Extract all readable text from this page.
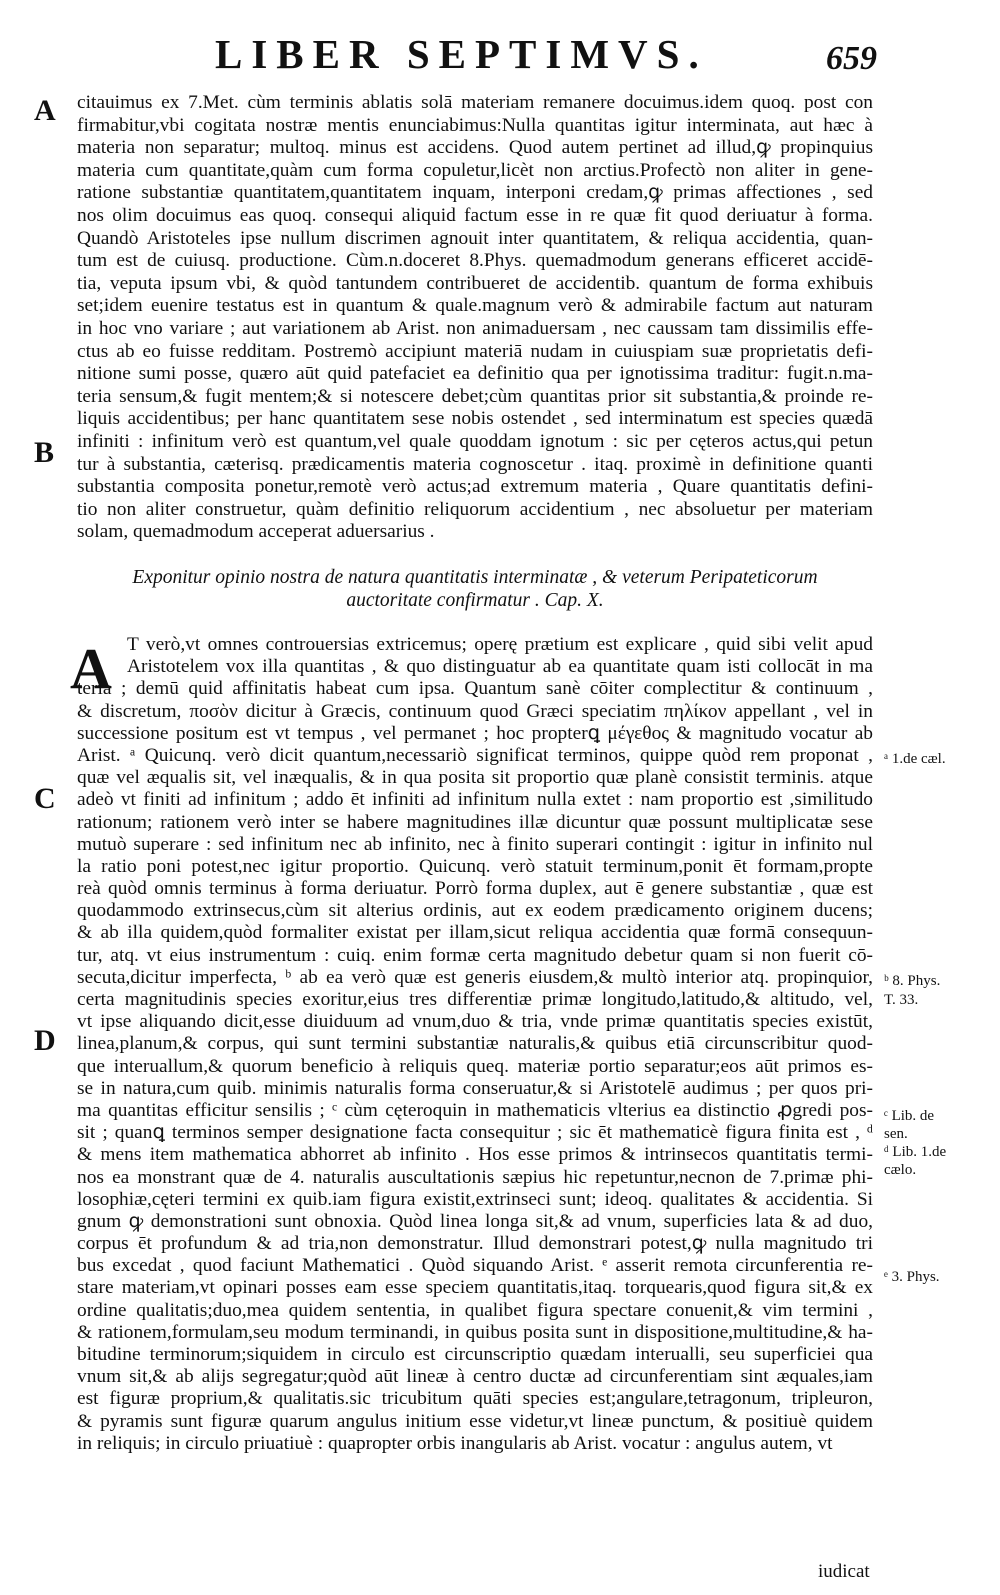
LIBER SEPTIMVS.	659
A
B
C
D
citauimus ex 7.Met. cùm terminis ablatis solā materiam remanere docuimus.idem quoq. post con
firmabitur,vbi cogitata nostræ mentis enunciabimus:Nulla quantitas igitur interminata, aut hæc à
materia non separatur; multoq. minus est accidens. Quod autem pertinet ad illud,ꝙ propinquius
materia cum quantitate,quàm cum forma copuletur,licèt non arctius.Profectò non aliter in gene-
ratione substantiæ quantitatem,quantitatem inquam, interponi credam,ꝙ primas affectiones , sed
nos olim docuimus eas quoq. consequi aliquid factum esse in re quæ fit quod deriuatur à forma.
Quandò Aristoteles ipse nullum discrimen agnouit inter quantitatem, & reliqua accidentia, quan-
tum est de cuiusq. productione. Cùm.n.doceret 8.Phys. quemadmodum generans efficeret accidē-
tia, veputa ipsum vbi, & quòd tantundem contribueret de accidentib. quantum de forma exhibuis
set;idem euenire testatus est in quantum & quale.magnum verò & admirabile factum aut naturam
in hoc vno variare ; aut variationem ab Arist. non animaduersam , nec caussam tam dissimilis effe-
ctus ab eo fuisse redditam. Postremò accipiunt materiā nudam in cuiuspiam suæ proprietatis defi-
nitione sumi posse, quæro aūt quid patefaciet ea definitio qua per ignotissima traditur: fugit.n.ma-
teria sensum,& fugit mentem;& si notescere debet;cùm quantitas prior sit substantia,& proinde re-
liquis accidentibus; per hanc quantitatem sese nobis ostendet , sed interminatum est species quædā
infiniti : infinitum verò est quantum,vel quale quoddam ignotum : sic per cęteros actus,qui petun
tur à substantia, cæterisq. prædicamentis materia cognoscetur . itaq. proximè in definitione quanti
substantia composita ponetur,remotè verò actus;ad extremum materia , Quare quantitatis defini-
tio non aliter construetur, quàm definitio reliquorum accidentium , nec absoluetur per materiam
solam, quemadmodum acceperat aduersarius .
Exponitur opinio nostra de natura quantitatis interminatæ , & veterum Peripateticorum
auctoritate confirmatur . Cap. X.
A T verò,vt omnes controuersias extricemus; operę prætium est explicare , quid sibi velit apud
Aristotelem vox illa quantitas , & quo distinguatur ab ea quantitate quam isti collocāt in ma
teria ; demū quid affinitatis habeat cum ipsa. Quantum sanè cōiter complectitur & continuum ,
& discretum, ποσὸν dicitur à Græcis, continuum quod Græci speciatim πηλίκον appellant , vel in
successione positum est vt tempus , vel permanet ; hoc propterꝗ μέγεθος & magnitudo vocatur ab
Arist. ᵃ Quicunq. verò dicit quantum,necessariò significat terminos, quippe quòd rem proponat ,
quæ vel æqualis sit, vel inæqualis, & in qua posita sit proportio quæ planè consistit terminis. atque
adeò vt finiti ad infinitum ; addo ēt infiniti ad infinitum nulla extet : nam proportio est ,similitudo
rationum; rationem verò inter se habere magnitudines illæ dicuntur quæ possunt multiplicatæ sese
mutuò superare : sed infinitum nec ab infinito, nec à finito superari contingit : igitur in infinito nul
la ratio poni potest,nec igitur proportio. Quicunq. verò statuit terminum,ponit ēt formam,propte
reà quòd omnis terminus à forma deriuatur. Porrò forma duplex, aut ē genere substantiæ , quæ est
quodammodo extrinsecus,cùm sit alterius ordinis, aut ex eodem prædicamento originem ducens;
& ab illa quidem,quòd formaliter existat per illam,sicut reliqua accidentia quæ formā consequun-
tur, atq. vt eius instrumentum : cuiq. enim formæ certa magnitudo debetur quam si non fuerit cō-
secuta,dicitur imperfecta, ᵇ ab ea verò quæ est generis eiusdem,& multò interior atq. propinquior,
certa magnitudinis species exoritur,eius tres differentiæ primæ longitudo,latitudo,& altitudo, vel,
vt ipse aliquando dicit,esse diuiduum ad vnum,duo & tria, vnde primæ quantitatis species existūt,
linea,planum,& corpus, qui sunt termini substantiæ naturalis,& quibus etiā circunscribitur quod-
que interuallum,& quorum beneficio à reliquis queq. materiæ portio separatur;eos aūt primos es-
se in natura,cum quib. minimis naturalis forma conseruatur,& si Aristotelē audimus ; per quos pri-
ma quantitas efficitur sensilis ; ᶜ cùm cęteroquin in mathematicis vlterius ea distinctio ꝓgredi pos-
sit ; quanꝗ terminos semper designatione facta consequitur ; sic ēt mathematicè figura finita est , ᵈ
& mens item mathematica abhorret ab infinito . Hos esse primos & intrinsecos quantitatis termi-
nos ea monstrant quæ de 4. naturalis auscultationis sæpius hic repetuntur,necnon de 7.primæ phi-
losophiæ,cęteri termini ex quib.iam figura existit,extrinseci sunt; ideoq. qualitates & accidentia. Si
gnum ꝙ demonstrationi sunt obnoxia. Quòd linea longa sit,& ad vnum, superficies lata & ad duo,
corpus ēt profundum & ad tria,non demonstratur. Illud demonstrari potest,ꝙ nulla magnitudo tri
bus excedat , quod faciunt Mathematici . Quòd siquando Arist. ᵉ asserit remota circunferentia re-
stare materiam,vt opinari posses eam esse speciem quantitatis,itaq. torquearis,quod figura sit,& ex
ordine qualitatis;duo,mea quidem sententia, in qualibet figura spectare conuenit,& vim termini ,
& rationem,formulam,seu modum terminandi, in quibus posita sunt in dispositione,multitudine,& ha-
bitudine terminorum;siquidem in circulo est circunscriptio quædam interualli, seu superficiei qua
vnum sit,& ab alijs segregatur;quòd aūt lineæ à centro ductæ ad circunferentiam sint æquales,iam
est figuræ proprium,& qualitatis.sic tricubitum quāti species est;angulare,tetragonum, tripleuron,
& pyramis sunt figuræ quarum angulus initium esse videtur,vt lineæ punctum, & positiuè quidem
in reliquis; in circulo priuatiuè : quapropter orbis inangularis ab Arist. vocatur : angulus autem, vt
ᵃ 1.de cæl.
ᵇ 8. Phys.
T. 33.
ᶜ Lib. de
sen.
ᵈ Lib. 1.de
cælo.
ᵉ 3. Phys.
iudicat
